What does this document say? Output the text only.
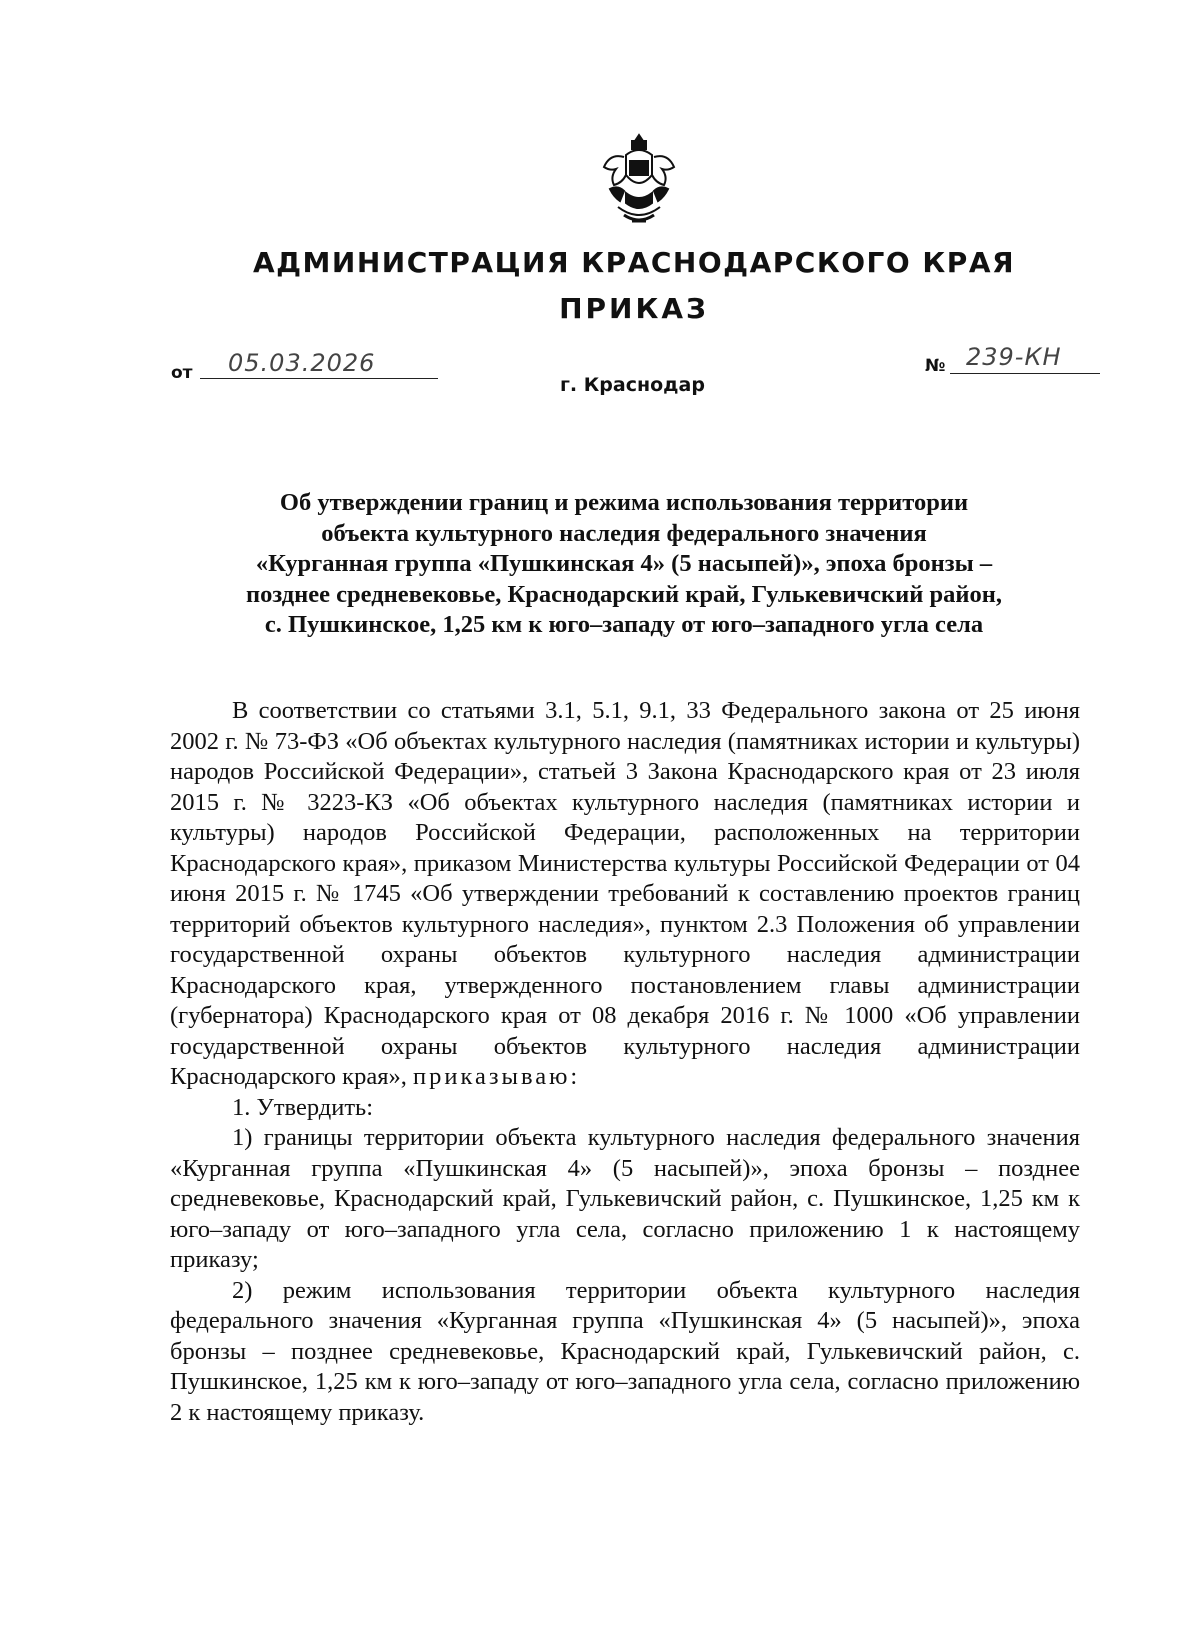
АДМИНИСТРАЦИЯ КРАСНОДАРСКОГО КРАЯ
ПРИКАЗ
от 05.03.2026	№ 239-КН
г. Краснодар
Об утверждении границ и режима использования территории
объекта культурного наследия федерального значения
«Курганная группа «Пушкинская 4» (5 насыпей)», эпоха бронзы –
позднее средневековье, Краснодарский край, Гулькевичский район,
с. Пушкинское, 1,25 км к юго–западу от юго–западного угла села

В соответствии со статьями 3.1, 5.1, 9.1, 33 Федерального закона от 25 июня 2002 г. № 73-ФЗ «Об объектах культурного наследия (памятниках истории и культуры) народов Российской Федерации», статьей 3 Закона Краснодарского края от 23 июля 2015 г. № 3223-КЗ «Об объектах культурного наследия (памятниках истории и культуры) народов Российской Федерации, расположенных на территории Краснодарского края», приказом Министерства культуры Российской Федерации от 04 июня 2015 г. № 1745 «Об утверждении требований к составлению проектов границ территорий объектов культурного наследия», пунктом 2.3 Положения об управлении государственной охраны объектов культурного наследия администрации Краснодарского края, утвержденного постановлением главы администрации (губернатора) Краснодарского края от 08 декабря 2016 г. № 1000 «Об управлении государственной охраны объектов культурного наследия администрации Краснодарского края», приказываю:

1. Утвердить:

1) границы территории объекта культурного наследия федерального значения «Курганная группа «Пушкинская 4» (5 насыпей)», эпоха бронзы – позднее средневековье, Краснодарский край, Гулькевичский район, с. Пушкинское, 1,25 км к юго–западу от юго–западного угла села, согласно приложению 1 к настоящему приказу;

2) режим использования территории объекта культурного наследия федерального значения «Курганная группа «Пушкинская 4» (5 насыпей)», эпоха бронзы – позднее средневековье, Краснодарский край, Гулькевичский район, с. Пушкинское, 1,25 км к юго–западу от юго–западного угла села, согласно приложению 2 к настоящему приказу.
